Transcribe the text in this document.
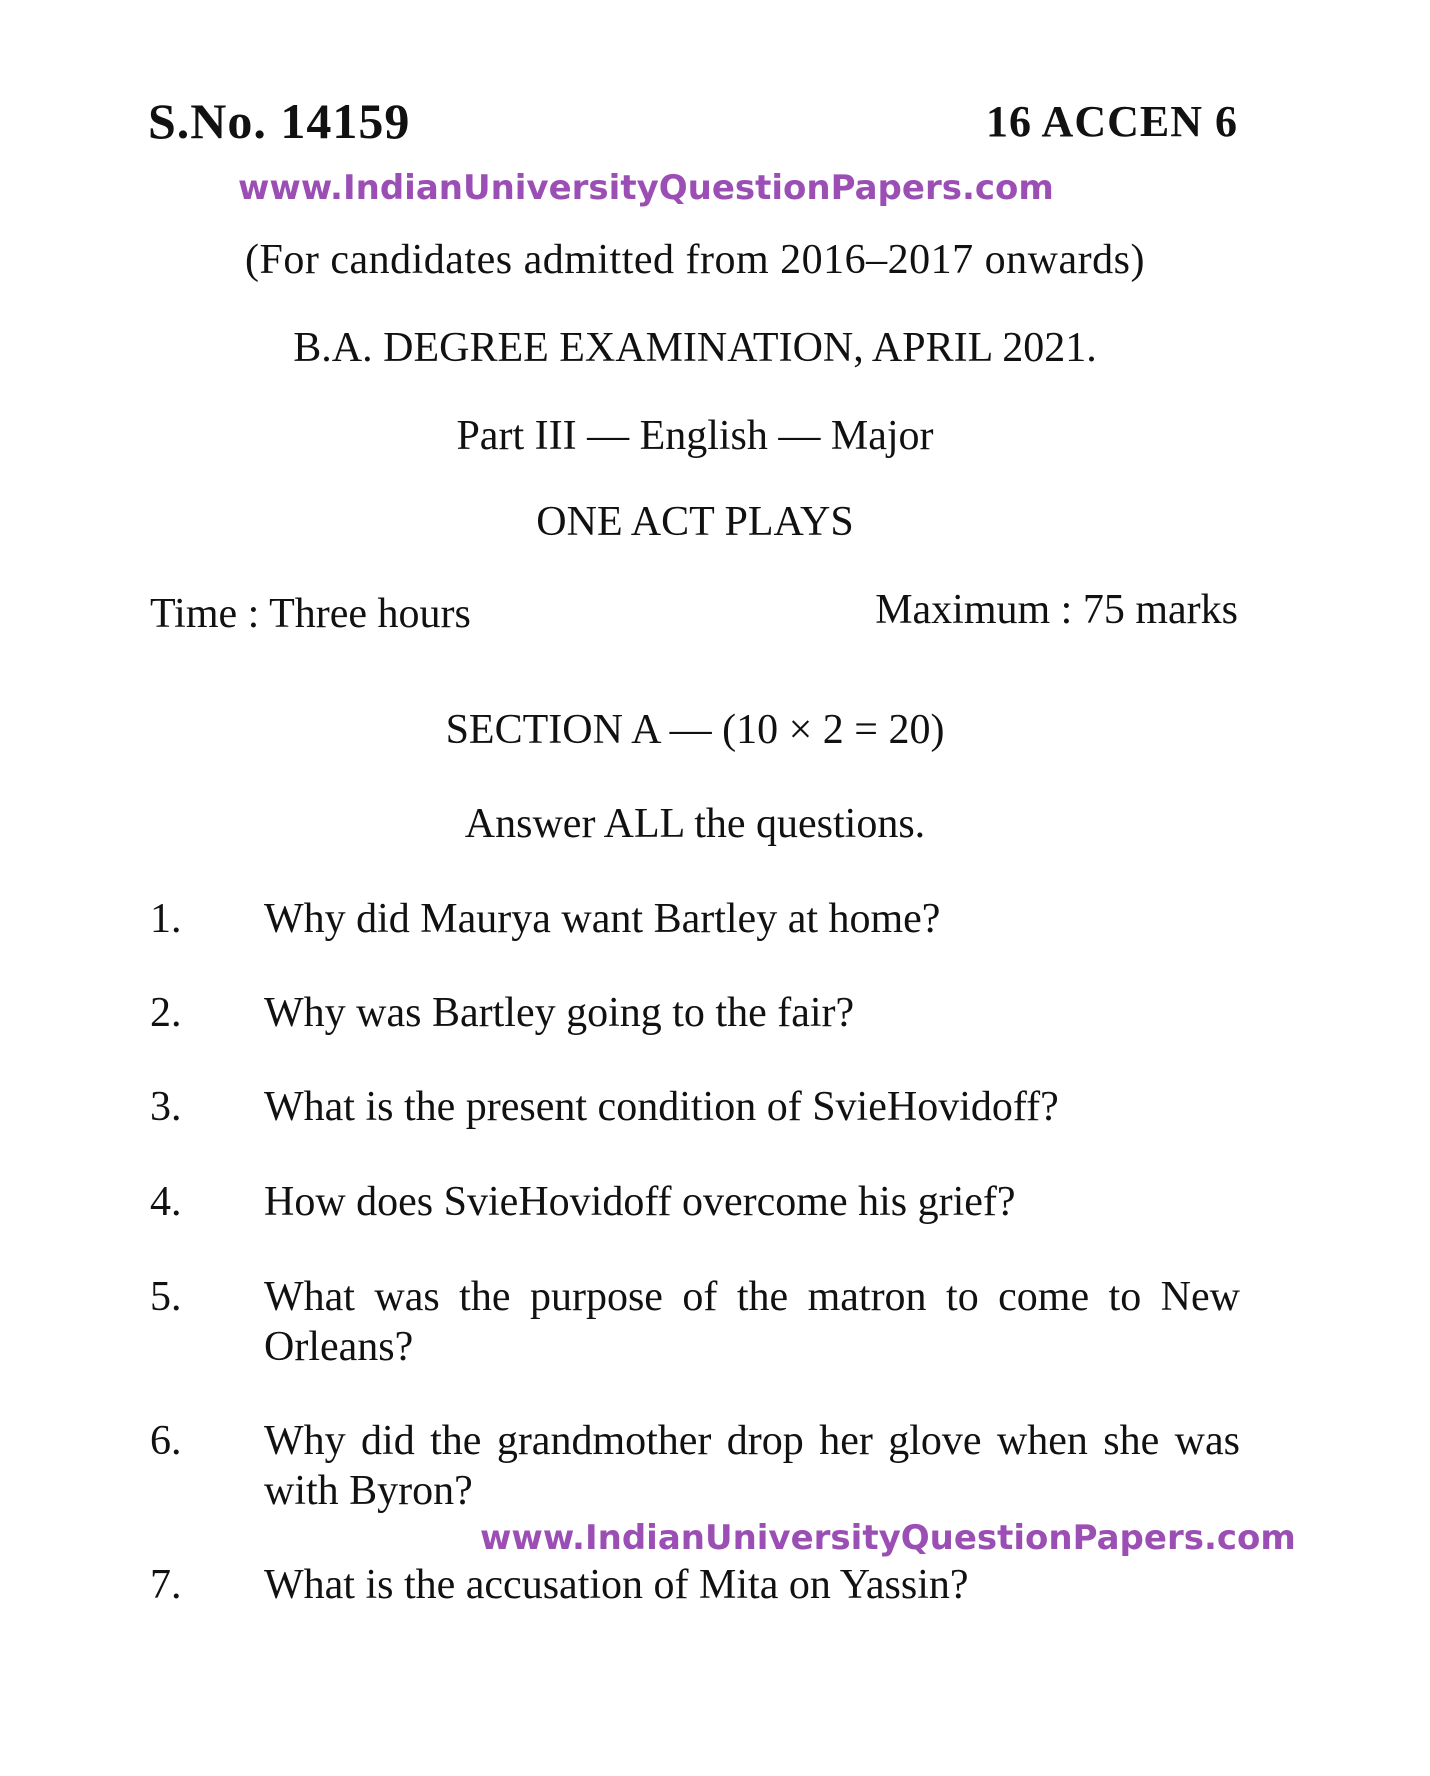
S.No. 14159	16 ACCEN 6
www.IndianUniversityQuestionPapers.com
(For candidates admitted from 2016–2017 onwards)
B.A. DEGREE EXAMINATION, APRIL 2021.
Part III — English — Major
ONE ACT PLAYS
Time : Three hours	Maximum : 75 marks
SECTION A — (10 × 2 = 20)
Answer ALL the questions.
1.	Why did Maurya want Bartley at home?
2.	Why was Bartley going to the fair?
3.	What is the present condition of SvieHovidoff?
4.	How does SvieHovidoff overcome his grief?
5.	What was the purpose of the matron to come to New Orleans?
6.	Why did the grandmother drop her glove when she was with Byron?
www.IndianUniversityQuestionPapers.com
7.	What is the accusation of Mita on Yassin?
